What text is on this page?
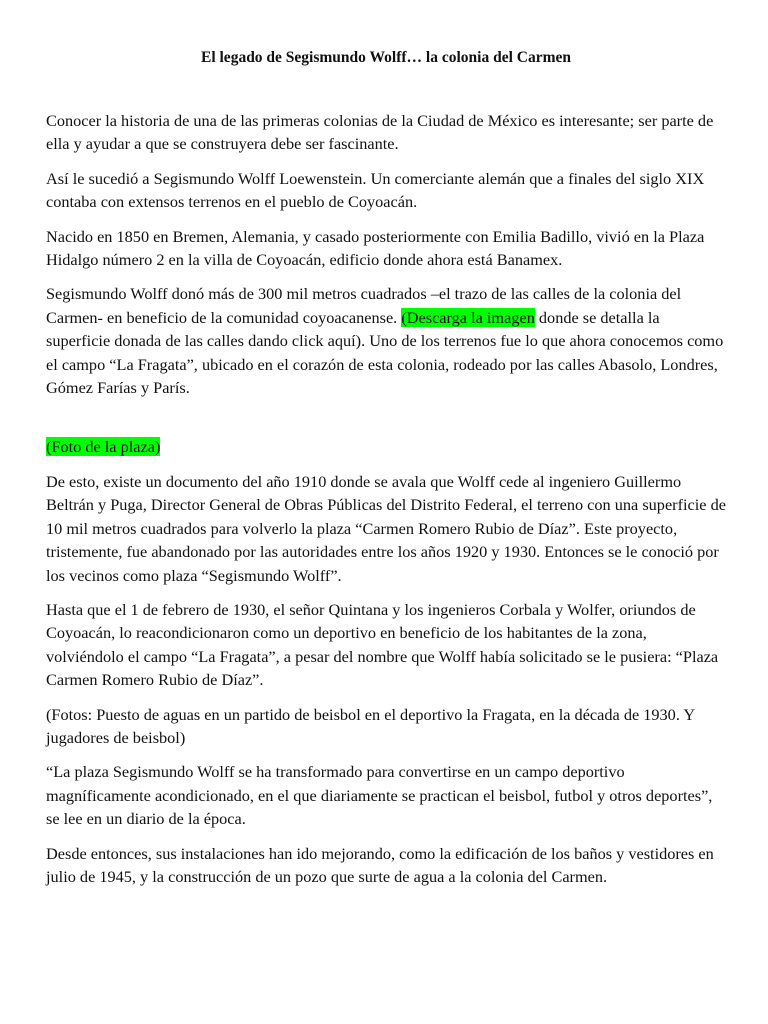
El legado de Segismundo Wolff… la colonia del Carmen

Conocer la historia de una de las primeras colonias de la Ciudad de México es interesante; ser parte de ella y ayudar a que se construyera debe ser fascinante.

Así le sucedió a Segismundo Wolff Loewenstein. Un comerciante alemán que a finales del siglo XIX contaba con extensos terrenos en el pueblo de Coyoacán.

Nacido en 1850 en Bremen, Alemania, y casado posteriormente con Emilia Badillo, vivió en la Plaza Hidalgo número 2 en la villa de Coyoacán, edificio donde ahora está Banamex.

Segismundo Wolff donó más de 300 mil metros cuadrados –el trazo de las calles de la colonia del Carmen- en beneficio de la comunidad coyoacanense. (Descarga la imagen donde se detalla la superficie donada de las calles dando click aquí). Uno de los terrenos fue lo que ahora conocemos como el campo “La Fragata”, ubicado en el corazón de esta colonia, rodeado por las calles Abasolo, Londres, Gómez Farías y París.

(Foto de la plaza)

De esto, existe un documento del año 1910 donde se avala que Wolff cede al ingeniero Guillermo Beltrán y Puga, Director General de Obras Públicas del Distrito Federal, el terreno con una superficie de 10 mil metros cuadrados para volverlo la plaza “Carmen Romero Rubio de Díaz”. Este proyecto, tristemente, fue abandonado por las autoridades entre los años 1920 y 1930. Entonces se le conoció por los vecinos como plaza “Segismundo Wolff”.

Hasta que el 1 de febrero de 1930, el señor Quintana y los ingenieros Corbala y Wolfer, oriundos de Coyoacán, lo reacondicionaron como un deportivo en beneficio de los habitantes de la zona, volviéndolo el campo “La Fragata”, a pesar del nombre que Wolff había solicitado se le pusiera: “Plaza Carmen Romero Rubio de Díaz”.

(Fotos: Puesto de aguas en un partido de beisbol en el deportivo la Fragata, en la década de 1930. Y jugadores de beisbol)

“La plaza Segismundo Wolff se ha transformado para convertirse en un campo deportivo magníficamente acondicionado, en el que diariamente se practican el beisbol, futbol y otros deportes”, se lee en un diario de la época.

Desde entonces, sus instalaciones han ido mejorando, como la edificación de los baños y vestidores en julio de 1945, y la construcción de un pozo que surte de agua a la colonia del Carmen.
